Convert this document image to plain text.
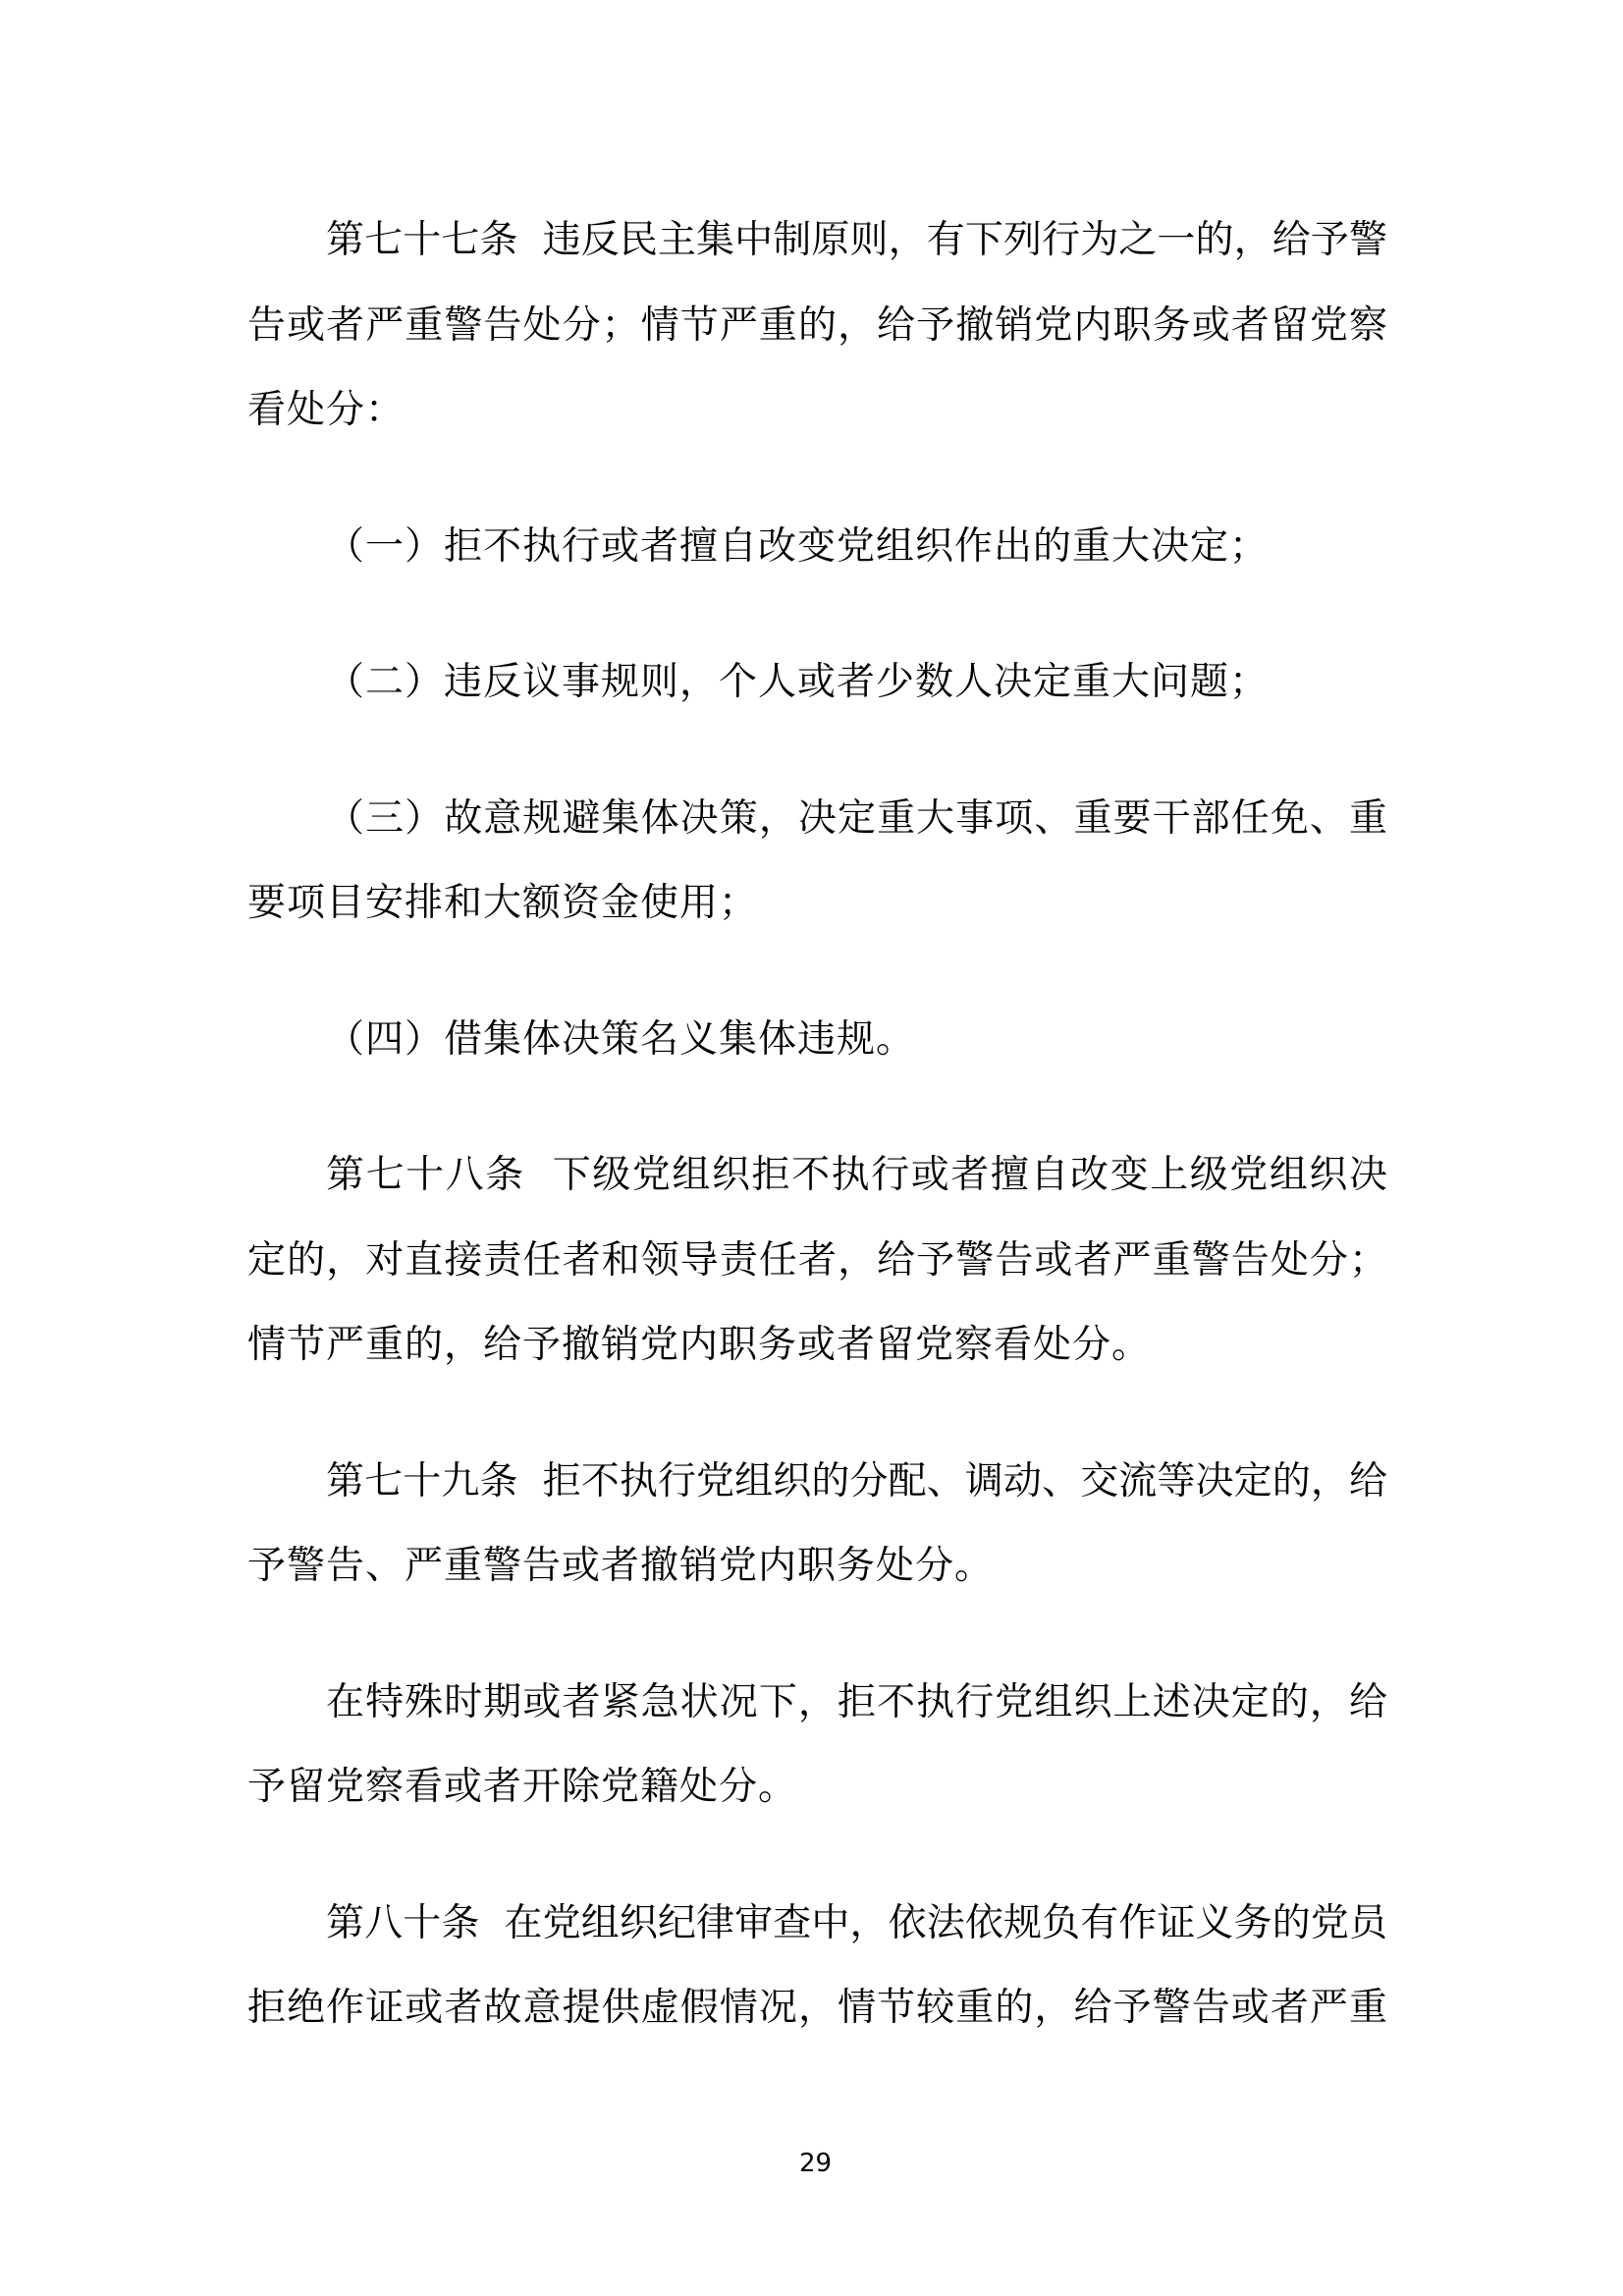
第七十七条  违反民主集中制原则，有下列行为之一的，给予警
告或者严重警告处分；情节严重的，给予撤销党内职务或者留党察
看处分：
（一）拒不执行或者擅自改变党组织作出的重大决定；
（二）违反议事规则，个人或者少数人决定重大问题；
（三）故意规避集体决策，决定重大事项、重要干部任免、重
要项目安排和大额资金使用；
（四）借集体决策名义集体违规。
第七十八条  下级党组织拒不执行或者擅自改变上级党组织决
定的，对直接责任者和领导责任者，给予警告或者严重警告处分；
情节严重的，给予撤销党内职务或者留党察看处分。
第七十九条  拒不执行党组织的分配、调动、交流等决定的，给
予警告、严重警告或者撤销党内职务处分。
在特殊时期或者紧急状况下，拒不执行党组织上述决定的，给
予留党察看或者开除党籍处分。
第八十条  在党组织纪律审查中，依法依规负有作证义务的党员
拒绝作证或者故意提供虚假情况，情节较重的，给予警告或者严重
29
